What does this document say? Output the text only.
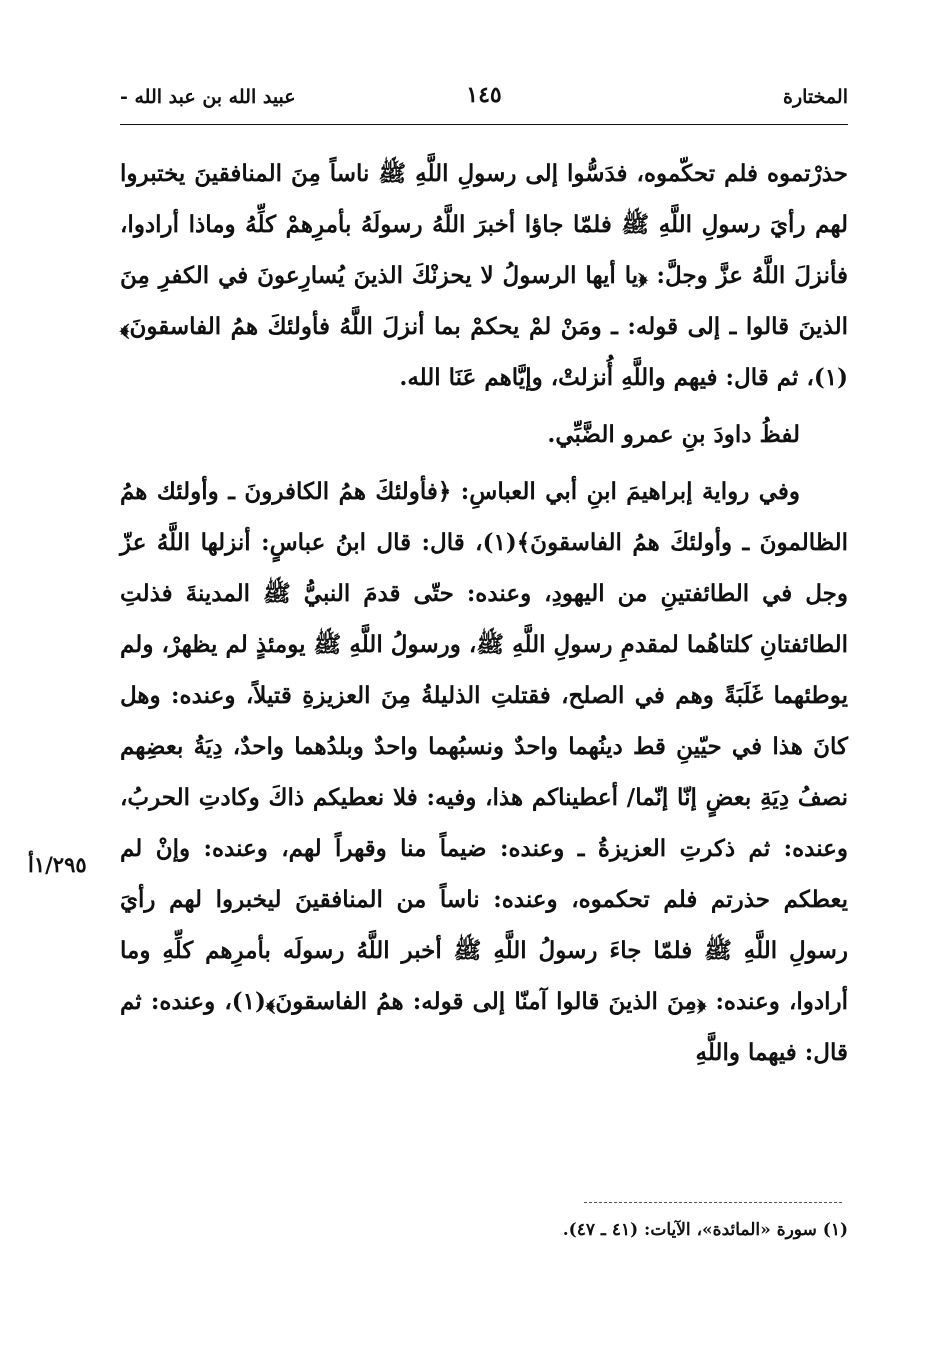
المختارة
١٤٥
عبيد الله بن عبد الله -

حذرْتموه فلم تحكّموه، فدَسُّوا إلى رسولِ اللَّهِ ﷺ ناساً مِنَ المنافقينَ يختبروا لهم رأيَ رسولِ اللَّهِ ﷺ فلمّا جاؤا أخبرَ اللَّهُ رسولَهُ بأمرِهمْ كلِّهُ وماذا أرادوا، فأنزلَ اللَّهُ عزَّ وجلَّ: ﴿يا أيها الرسولُ لا يحزنْكَ الذينَ يُسارِعونَ في الكفرِ مِنَ الذينَ قالوا ـ إلى قوله: ـ ومَنْ لمْ يحكمْ بما أنزلَ اللَّهُ فأولئكَ همُ الفاسقونَ﴾(١)، ثم قال: فيهم واللَّهِ أُنزلتْ، وإيَّاهم عَنَا الله.

لفظُ داودَ بنِ عمرو الضَّبِّي.

وفي رواية إبراهيمَ ابنِ أبي العباسِ: ﴿فأولئكَ همُ الكافرونَ ـ وأولئك همُ الظالمونَ ـ وأولئكَ همُ الفاسقونَ﴾(١)، قال: قال ابنُ عباسٍ: أنزلها اللَّهُ عزّ وجل في الطائفتينِ من اليهودِ، وعنده: حتّى قدمَ النبيُّ ﷺ المدينةَ فذلتِ الطائفتانِ كلتاهُما لمقدمِ رسولِ اللَّهِ ﷺ، ورسولُ اللَّهِ ﷺ يومئذٍ لم يظهرْ، ولم يوطئهما غَلَبَةً وهم في الصلح، فقتلتِ الذليلةُ مِنَ العزيزةِ قتيلاً، وعنده: وهل كانَ هذا في حيّينِ قط دينُهما واحدٌ ونسبُهما واحدٌ وبلدُهما واحدٌ، دِيَةُ بعضِهم نصفُ دِيَةِ بعضٍ إنّا إنّما/ أعطيناكم هذا، وفيه: فلا نعطيكم ذاكَ وكادتِ الحربُ، وعنده: ثم ذكرتِ العزيزةُ ـ وعنده: ضيماً منا وقهراً لهم، وعنده: وإنْ لم يعطكم حذرتم فلم تحكموه، وعنده: ناساً من المنافقينَ ليخبروا لهم رأيَ رسولِ اللَّهِ ﷺ فلمّا جاءَ رسولُ اللَّهِ ﷺ أخبر اللَّهُ رسولَه بأمرِهم كلِّهِ وما أرادوا، وعنده: ﴿مِنَ الذينَ قالوا آمنّا إلى قوله: همُ الفاسقونَ﴾(١)، وعنده: ثم قال: فيهما واللَّهِ

١/٢٩٥أ
(١) سورة «المائدة»، الآيات: (٤١ ـ ٤٧).
